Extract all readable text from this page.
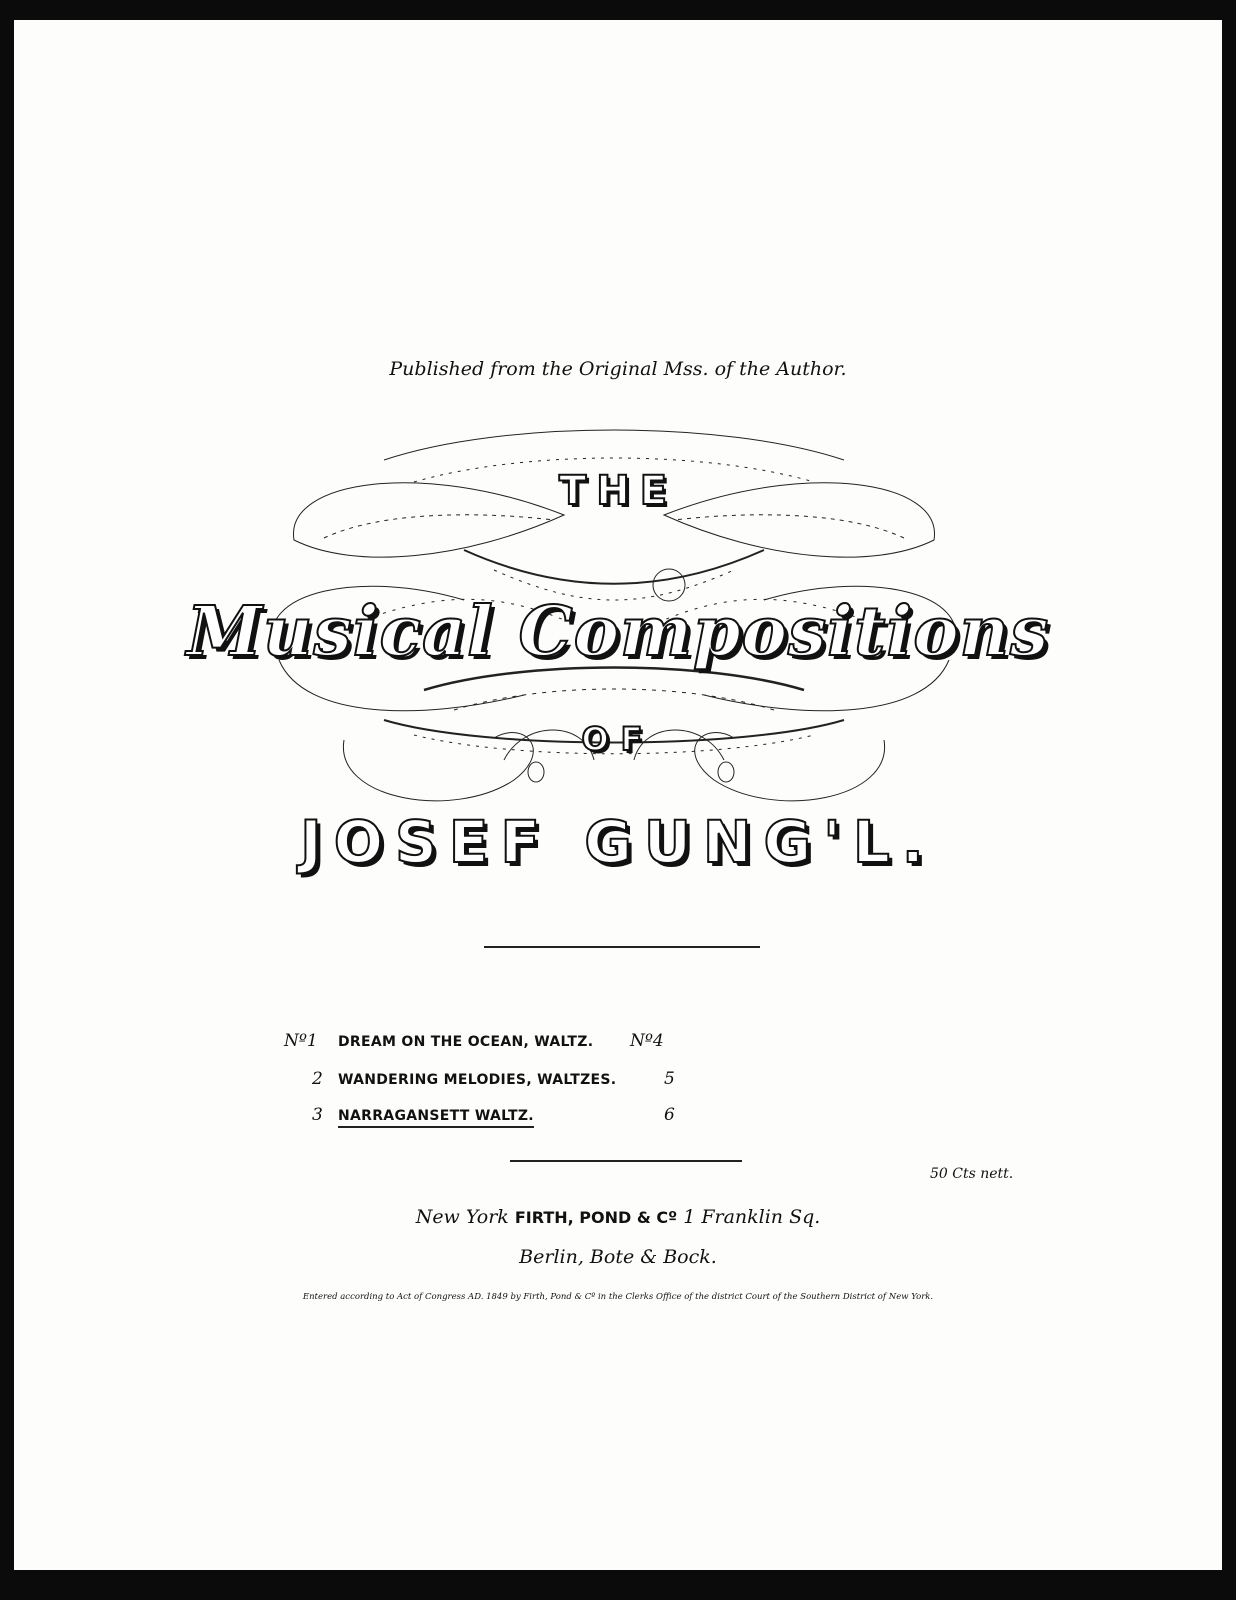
Published from the Original Mss. of the Author.
THE
Musical Compositions
OF
JOSEF GUNG'L.
Nº1 DREAM ON THE OCEAN, WALTZ. Nº4
2 WANDERING MELODIES, WALTZES.	5
3 NARRAGANSETT WALTZ.	6
50 Cts nett.
New York FIRTH, POND & Cº 1 Franklin Sq.
Berlin, Bote & Bock.
Entered according to Act of Congress AD. 1849 by Firth, Pond & Cº in the Clerks Office of the district Court of the Southern District of New York.
